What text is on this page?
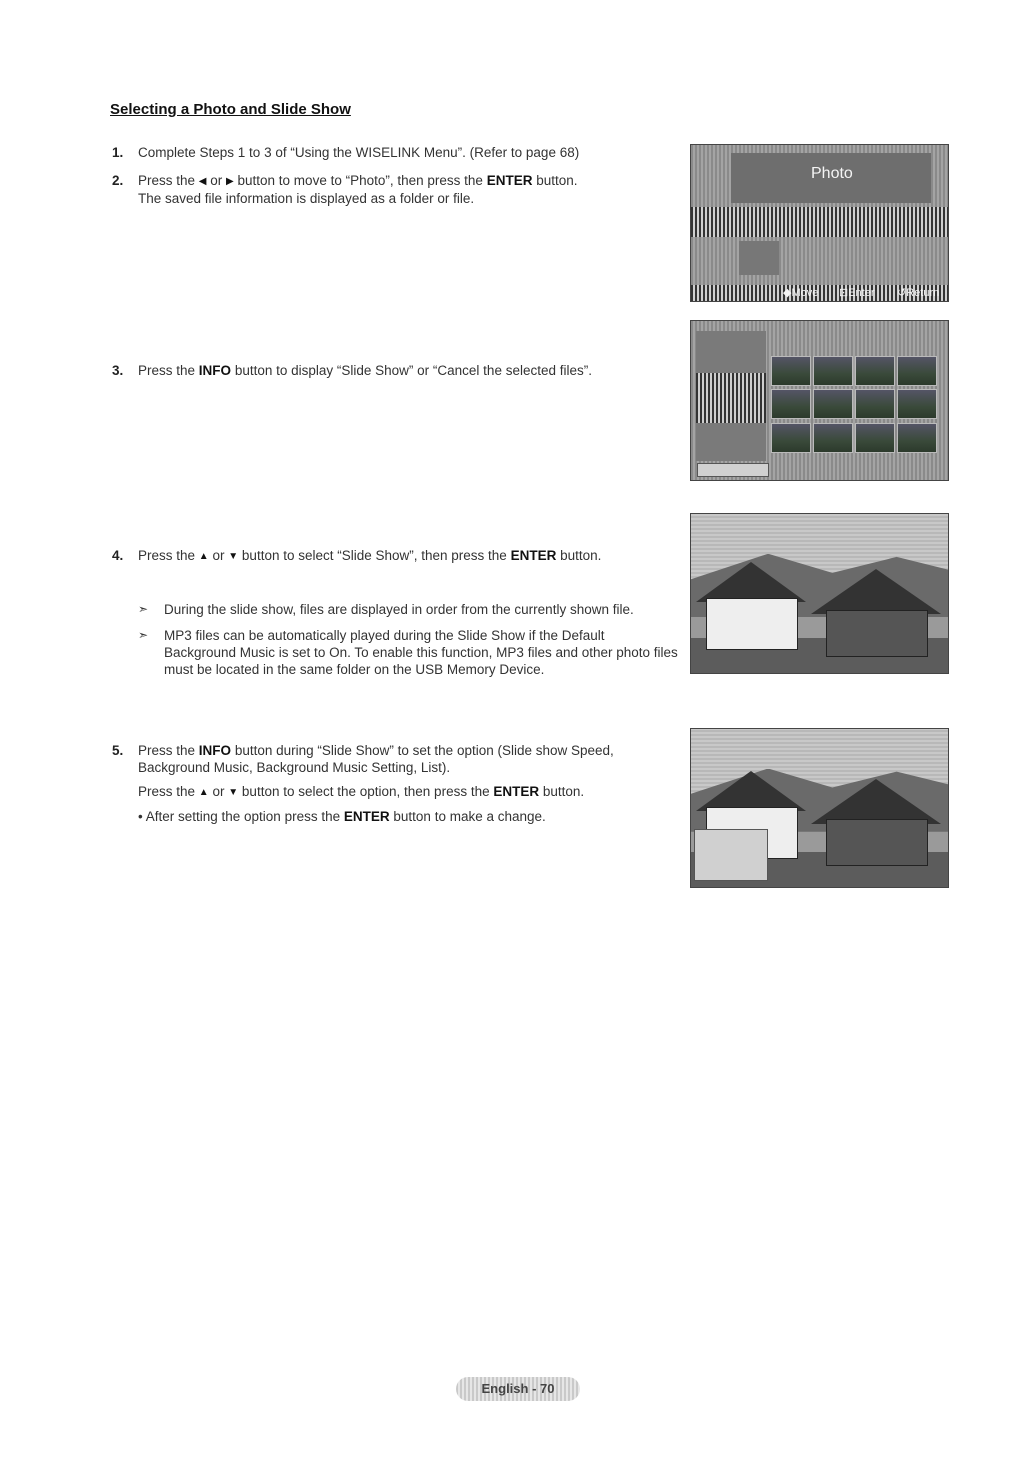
Selecting a Photo and Slide Show
1. Complete Steps 1 to 3 of “Using the WISELINK Menu”. (Refer to page 68)
2. Press the ◀ or ▶ button to move to “Photo”, then press the ENTER button.
The saved file information is displayed as a folder or file.
3. Press the INFO button to display “Slide Show” or “Cancel the selected files”.
4. Press the ▲ or ▼ button to select “Slide Show”, then press the ENTER button.
➣ During the slide show, files are displayed in order from the currently shown file.
➣ MP3 files can be automatically played during the Slide Show if the Default Background Music is set to On. To enable this function, MP3 files and other photo files must be located in the same folder on the USB Memory Device.
5. Press the INFO button during “Slide Show” to set the option (Slide show Speed, Background Music, Background Music Setting, List).
Press the ▲ or ▼ button to select the option, then press the ENTER button.
• After setting the option press the ENTER button to make a change.
Photo
◆Move ⊡Enter ↺Return
English - 70
